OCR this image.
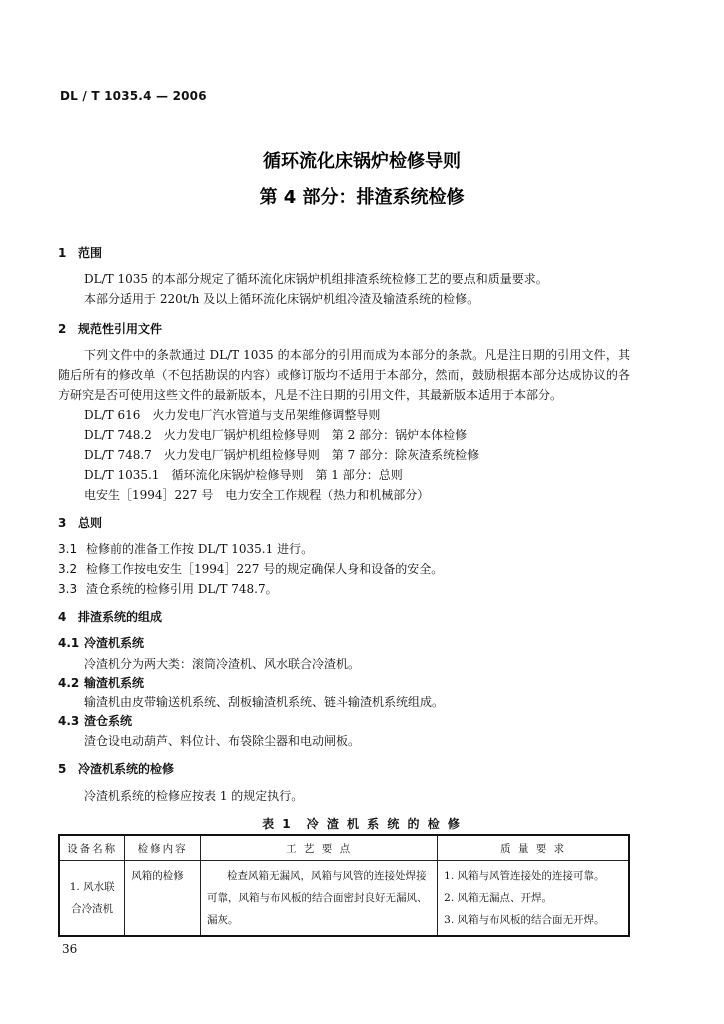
DL / T 1035.4 — 2006
循环流化床锅炉检修导则
第 4 部分：排渣系统检修
1 范围
DL/T 1035 的本部分规定了循环流化床锅炉机组排渣系统检修工艺的要点和质量要求。
本部分适用于 220t/h 及以上循环流化床锅炉机组冷渣及输渣系统的检修。
2 规范性引用文件
下列文件中的条款通过 DL/T 1035 的本部分的引用而成为本部分的条款。凡是注日期的引用文件，其随后所有的修改单（不包括勘误的内容）或修订版均不适用于本部分，然而，鼓励根据本部分达成协议的各方研究是否可使用这些文件的最新版本，凡是不注日期的引用文件，其最新版本适用于本部分。
DL/T 616　火力发电厂汽水管道与支吊架维修调整导则
DL/T 748.2　火力发电厂锅炉机组检修导则　第 2 部分：锅炉本体检修
DL/T 748.7　火力发电厂锅炉机组检修导则　第 7 部分：除灰渣系统检修
DL/T 1035.1　循环流化床锅炉检修导则　第 1 部分：总则
电安生［1994］227 号　电力安全工作规程（热力和机械部分）
3 总则
3.1 检修前的准备工作按 DL/T 1035.1 进行。
3.2 检修工作按电安生［1994］227 号的规定确保人身和设备的安全。
3.3 渣仓系统的检修引用 DL/T 748.7。
4 排渣系统的组成
4.1 冷渣机系统
冷渣机分为两大类：滚筒冷渣机、风水联合冷渣机。
4.2 输渣机系统
输渣机由皮带输送机系统、刮板输渣机系统、链斗输渣机系统组成。
4.3 渣仓系统
渣仓设电动葫芦、料位计、布袋除尘器和电动闸板。
5 冷渣机系统的检修
冷渣机系统的检修应按表 1 的规定执行。
表 1　冷 渣 机 系 统 的 检 修
设备名称	检修内容	工 艺 要 点	质 量 要 求
1. 风水联合冷渣机	风箱的检修	检查风箱无漏风，风箱与风管的连接处焊接可靠，风箱与布风板的结合面密封良好无漏风、漏灰。	1. 风箱与风管连接处的连接可靠。
2. 风箱无漏点、开焊。
3. 风箱与布风板的结合面无开焊。
36
